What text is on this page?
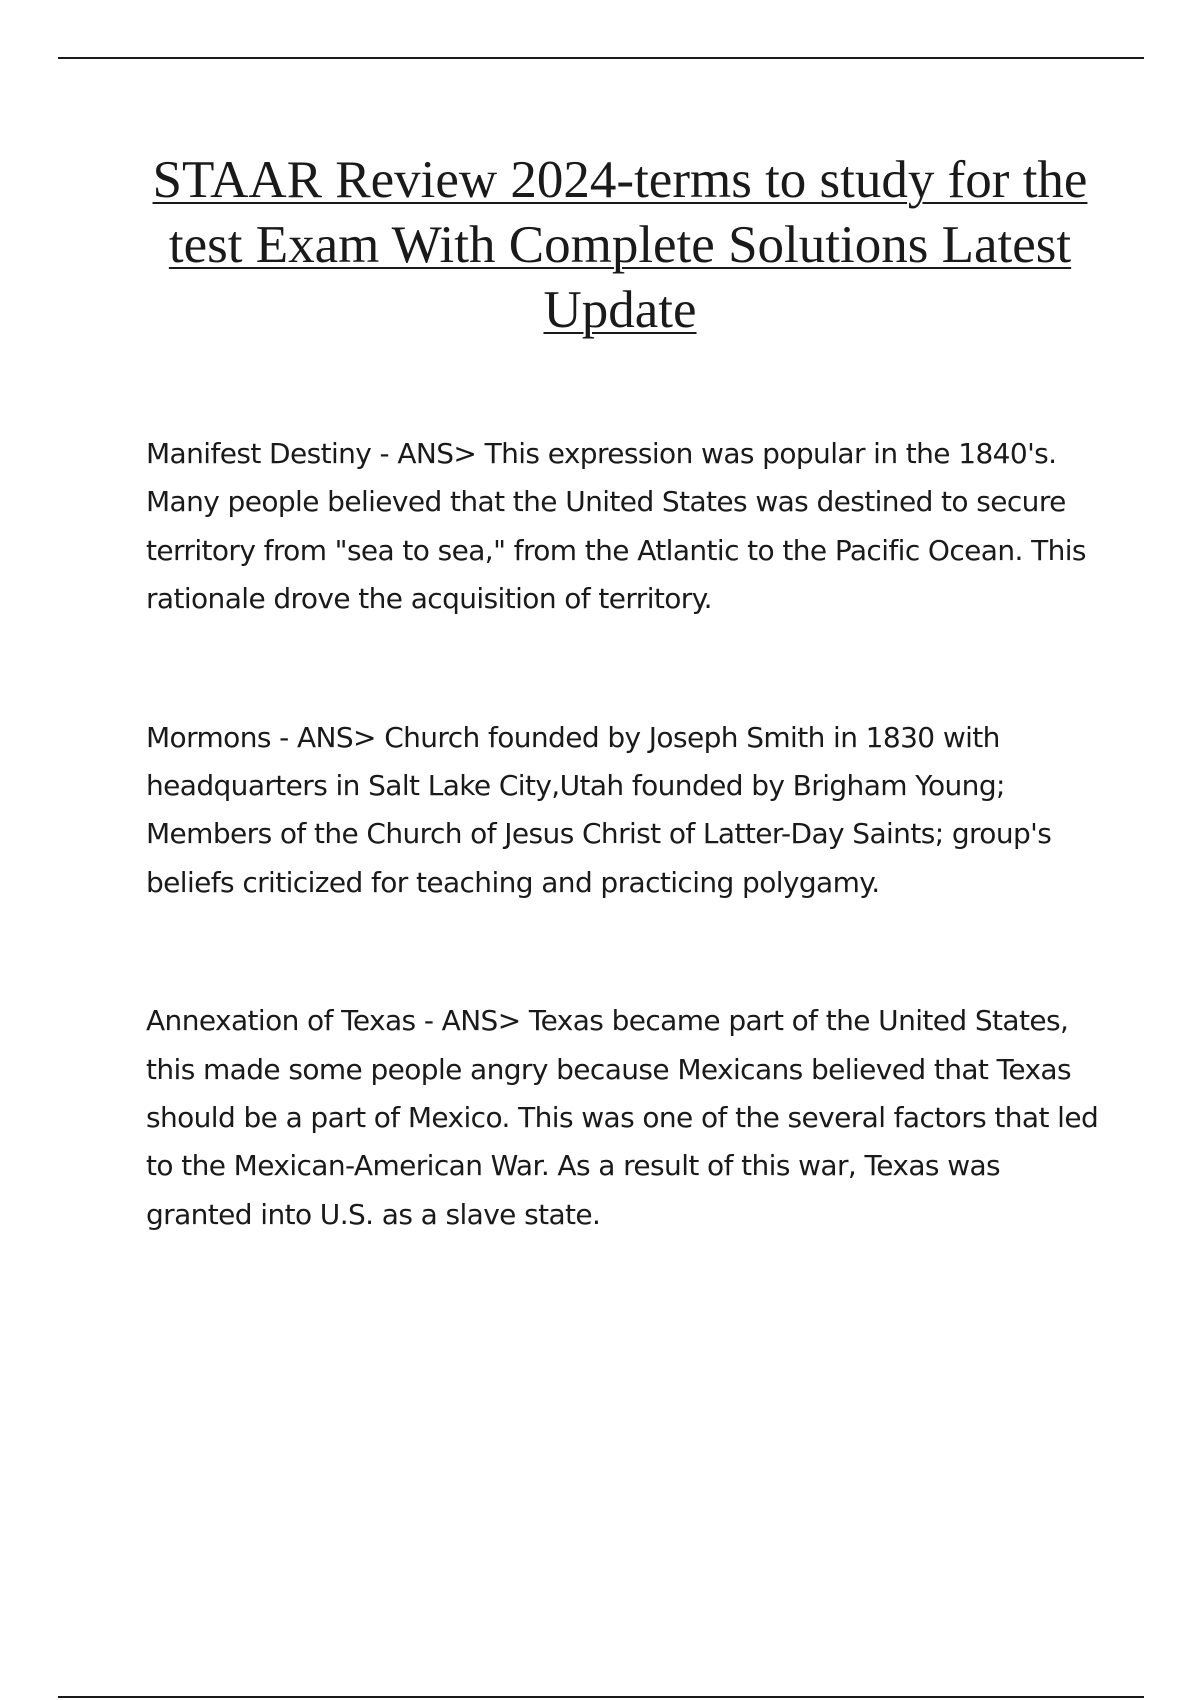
STAAR Review 2024-terms to study for the test Exam With Complete Solutions Latest Update

Manifest Destiny - ANS> This expression was popular in the 1840's. Many people believed that the United States was destined to secure territory from "sea to sea," from the Atlantic to the Pacific Ocean. This rationale drove the acquisition of territory.

Mormons - ANS> Church founded by Joseph Smith in 1830 with headquarters in Salt Lake City,Utah founded by Brigham Young; Members of the Church of Jesus Christ of Latter-Day Saints; group's beliefs criticized for teaching and practicing polygamy.

Annexation of Texas - ANS> Texas became part of the United States, this made some people angry because Mexicans believed that Texas should be a part of Mexico. This was one of the several factors that led to the Mexican-American War. As a result of this war, Texas was granted into U.S. as a slave state.
